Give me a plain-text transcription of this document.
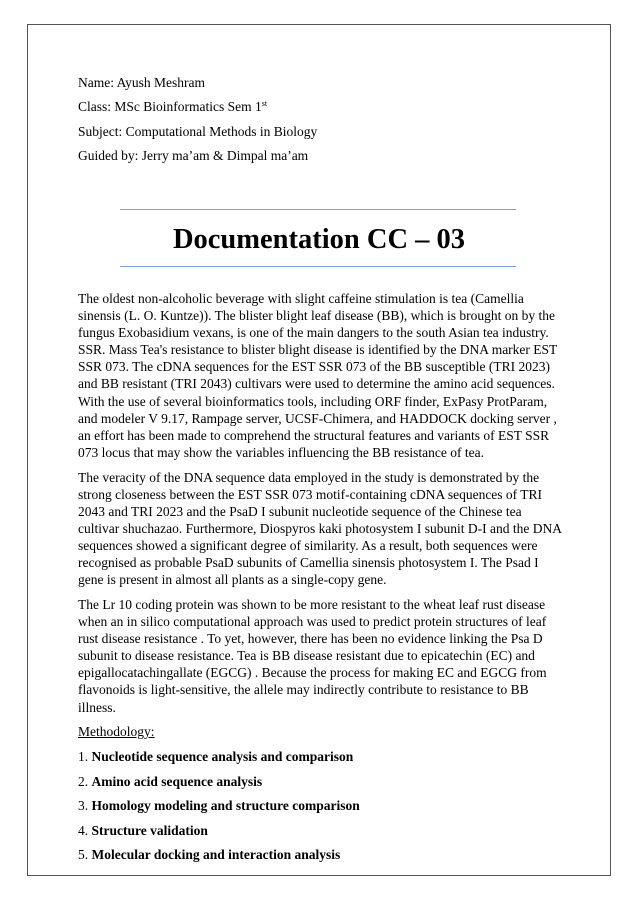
Name: Ayush Meshram

Class: MSc Bioinformatics Sem 1st

Subject: Computational Methods in Biology

Guided by: Jerry ma’am & Dimpal ma’am

Documentation CC – 03

The oldest non-alcoholic beverage with slight caffeine stimulation is tea (Camellia sinensis (L. O. Kuntze)). The blister blight leaf disease (BB), which is brought on by the fungus Exobasidium vexans, is one of the main dangers to the south Asian tea industry. SSR. Mass Tea's resistance to blister blight disease is identified by the DNA marker EST SSR 073. The cDNA sequences for the EST SSR 073 of the BB susceptible (TRI 2023) and BB resistant (TRI 2043) cultivars were used to determine the amino acid sequences. With the use of several bioinformatics tools, including ORF finder, ExPasy ProtParam, and modeler V 9.17, Rampage server, UCSF-Chimera, and HADDOCK docking server , an effort has been made to comprehend the structural features and variants of EST SSR 073 locus that may show the variables influencing the BB resistance of tea.

The veracity of the DNA sequence data employed in the study is demonstrated by the strong closeness between the EST SSR 073 motif-containing cDNA sequences of TRI 2043 and TRI 2023 and the PsaD I subunit nucleotide sequence of the Chinese tea cultivar shuchazao. Furthermore, Diospyros kaki photosystem I subunit D-I and the DNA sequences showed a significant degree of similarity. As a result, both sequences were recognised as probable PsaD subunits of Camellia sinensis photosystem I. The Psad I gene is present in almost all plants as a single-copy gene.

The Lr 10 coding protein was shown to be more resistant to the wheat leaf rust disease when an in silico computational approach was used to predict protein structures of leaf rust disease resistance . To yet, however, there has been no evidence linking the Psa D subunit to disease resistance. Tea is BB disease resistant due to epicatechin (EC) and epigallocatachingallate (EGCG) . Because the process for making EC and EGCG from flavonoids is light-sensitive, the allele may indirectly contribute to resistance to BB illness.

Methodology:

1. Nucleotide sequence analysis and comparison

2. Amino acid sequence analysis

3. Homology modeling and structure comparison

4. Structure validation

5. Molecular docking and interaction analysis
